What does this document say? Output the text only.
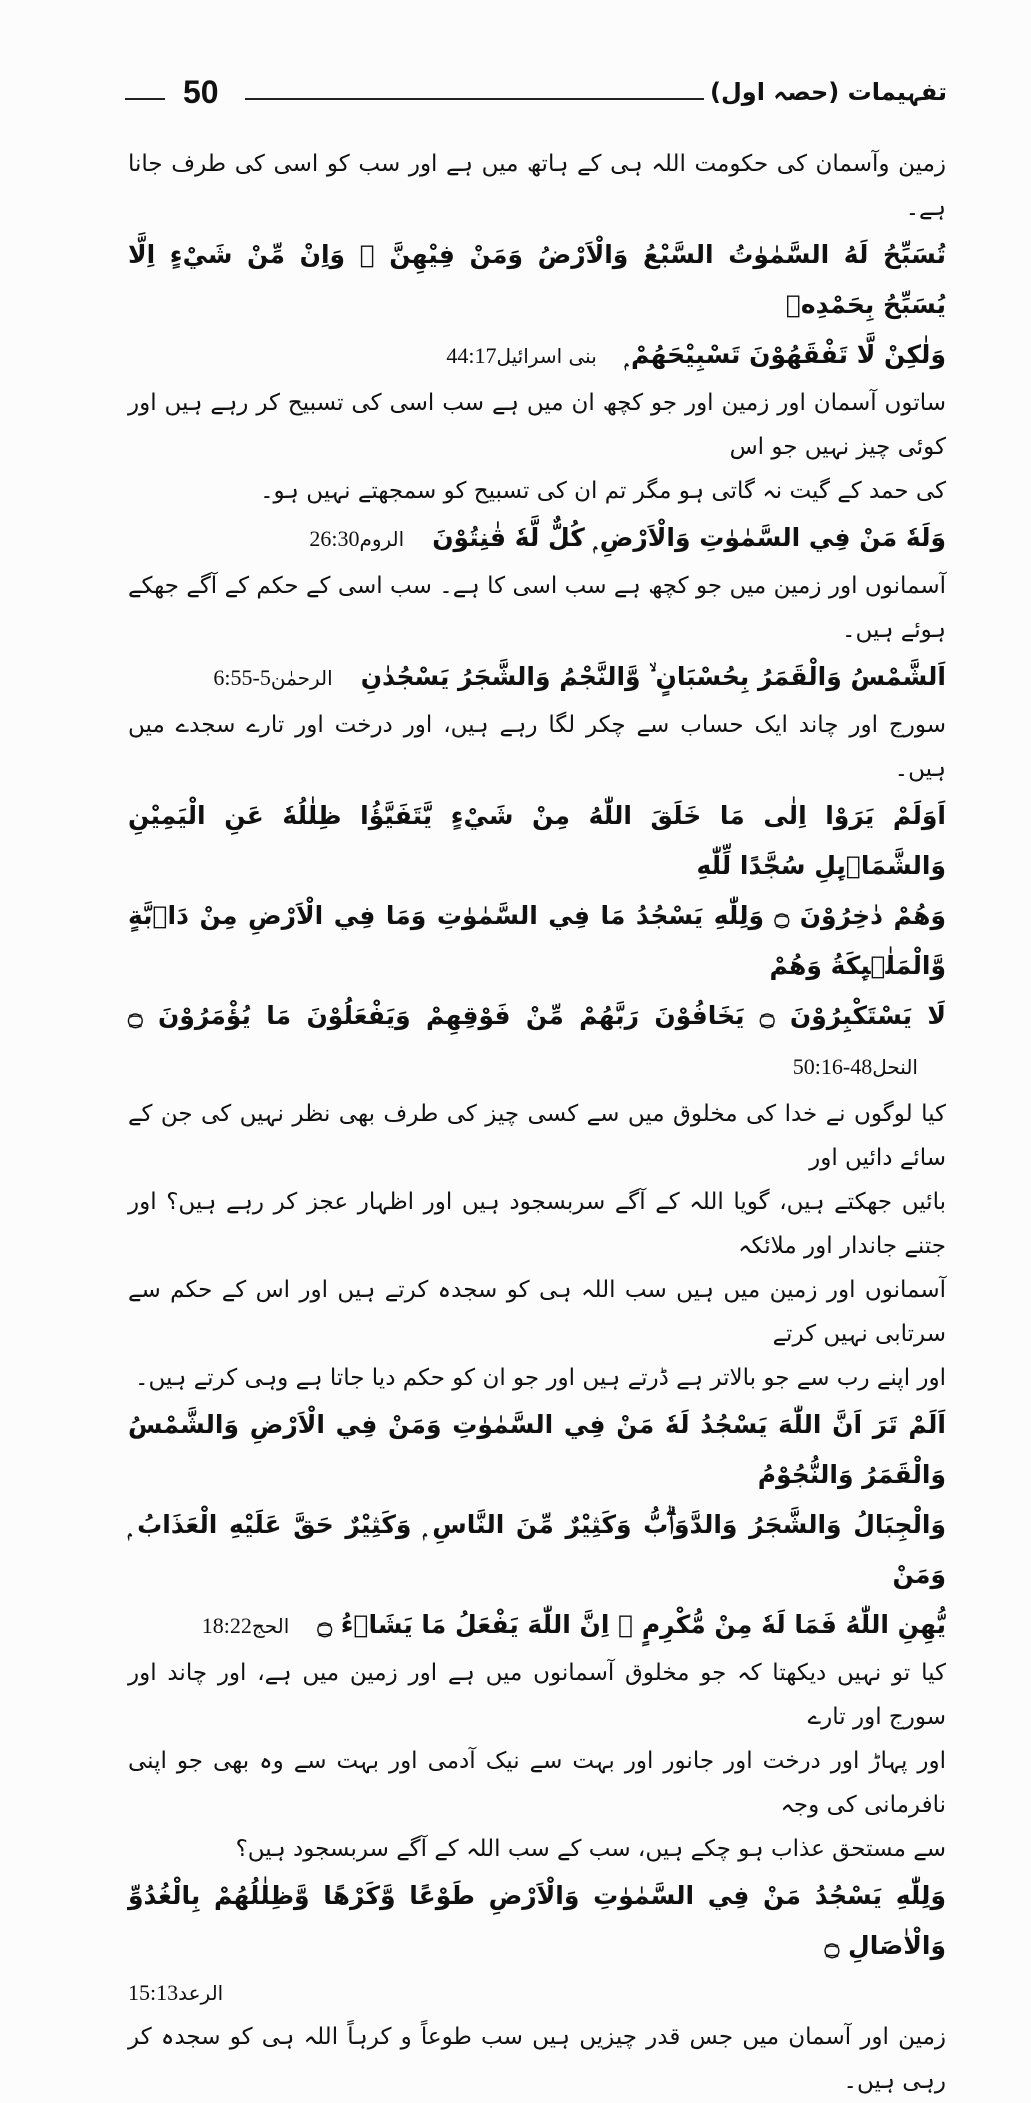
50	تفہیمات (حصہ اول)
زمین وآسمان کی حکومت اللہ ہی کے ہاتھ میں ہے اور سب کو اسی کی طرف جانا ہے۔
تُسَبِّحُ لَهُ السَّمٰوٰتُ السَّبْعُ وَالْاَرْضُ وَمَنْ فِيْهِنَّ ۭ وَاِنْ مِّنْ شَيْءٍ اِلَّا يُسَبِّحُ بِحَمْدِهٖ
وَلٰكِنْ لَّا تَفْقَهُوْنَ تَسْبِيْحَهُمْ ۭبنی اسرائیل44:17
ساتوں آسمان اور زمین اور جو کچھ ان میں ہے سب اسی کی تسبیح کر رہے ہیں اور کوئی چیز نہیں جو اس
کی حمد کے گیت نہ گاتی ہو مگر تم ان کی تسبیح کو سمجھتے نہیں ہو۔
وَلَهٗ مَنْ فِي السَّمٰوٰتِ وَالْاَرْضِ ۭ كُلٌّ لَّهٗ قٰنِتُوْنَالروم26:30
آسمانوں اور زمین میں جو کچھ ہے سب اسی کا ہے۔ سب اسی کے حکم کے آگے جھکے ہوئے ہیں۔
اَلشَّمْسُ وَالْقَمَرُ بِحُسْبَانٍ ۙ وَّالنَّجْمُ وَالشَّجَرُ يَسْجُدٰنِالرحمٰن5-6:55
سورج اور چاند ایک حساب سے چکر لگا رہے ہیں، اور درخت اور تارے سجدے میں ہیں۔
اَوَلَمْ يَرَوْا اِلٰى مَا خَلَقَ اللّٰهُ مِنْ شَيْءٍ يَّتَفَيَّؤُا ظِلٰلُهٗ عَنِ الْيَمِيْنِ وَالشَّمَاۗىِٕلِ سُجَّدًا لِّلّٰهِ
وَهُمْ دٰخِرُوْنَ ۝ وَلِلّٰهِ يَسْجُدُ مَا فِي السَّمٰوٰتِ وَمَا فِي الْاَرْضِ مِنْ دَاۗبَّةٍ وَّالْمَلٰۗىِٕكَةُ وَهُمْ
لَا يَسْتَكْبِرُوْنَ ۝ يَخَافُوْنَ رَبَّهُمْ مِّنْ فَوْقِهِمْ وَيَفْعَلُوْنَ مَا يُؤْمَرُوْنَ ۝النحل48-50:16
کیا لوگوں نے خدا کی مخلوق میں سے کسی چیز کی طرف بھی نظر نہیں کی جن کے سائے دائیں اور
بائیں جھکتے ہیں، گویا اللہ کے آگے سربسجود ہیں اور اظہار عجز کر رہے ہیں؟ اور جتنے جاندار اور ملائکہ
آسمانوں اور زمین میں ہیں سب اللہ ہی کو سجدہ کرتے ہیں اور اس کے حکم سے سرتابی نہیں کرتے
اور اپنے رب سے جو بالاتر ہے ڈرتے ہیں اور جو ان کو حکم دیا جاتا ہے وہی کرتے ہیں۔
اَلَمْ تَرَ اَنَّ اللّٰهَ يَسْجُدُ لَهٗ مَنْ فِي السَّمٰوٰتِ وَمَنْ فِي الْاَرْضِ وَالشَّمْسُ وَالْقَمَرُ وَالنُّجُوْمُ
وَالْجِبَالُ وَالشَّجَرُ وَالدَّوَاۗبُّ وَكَثِيْرٌ مِّنَ النَّاسِ ۭ وَكَثِيْرٌ حَقَّ عَلَيْهِ الْعَذَابُ ۭ وَمَنْ
يُّهِنِ اللّٰهُ فَمَا لَهٗ مِنْ مُّكْرِمٍ ۭ اِنَّ اللّٰهَ يَفْعَلُ مَا يَشَاۗءُ ۝الحج18:22
کیا تو نہیں دیکھتا کہ جو مخلوق آسمانوں میں ہے اور زمین میں ہے، اور چاند اور سورج اور تارے
اور پہاڑ اور درخت اور جانور اور بہت سے نیک آدمی اور بہت سے وہ بھی جو اپنی نافرمانی کی وجہ
سے مستحق عذاب ہو چکے ہیں، سب کے سب اللہ کے آگے سربسجود ہیں؟
وَلِلّٰهِ يَسْجُدُ مَنْ فِي السَّمٰوٰتِ وَالْاَرْضِ طَوْعًا وَّكَرْهًا وَّظِلٰلُهُمْ بِالْغُدُوِّ وَالْاٰصَالِ ۝
الرعد15:13
زمین اور آسمان میں جس قدر چیزیں ہیں سب طوعاً و کرہاً اللہ ہی کو سجدہ کر رہی ہیں۔
